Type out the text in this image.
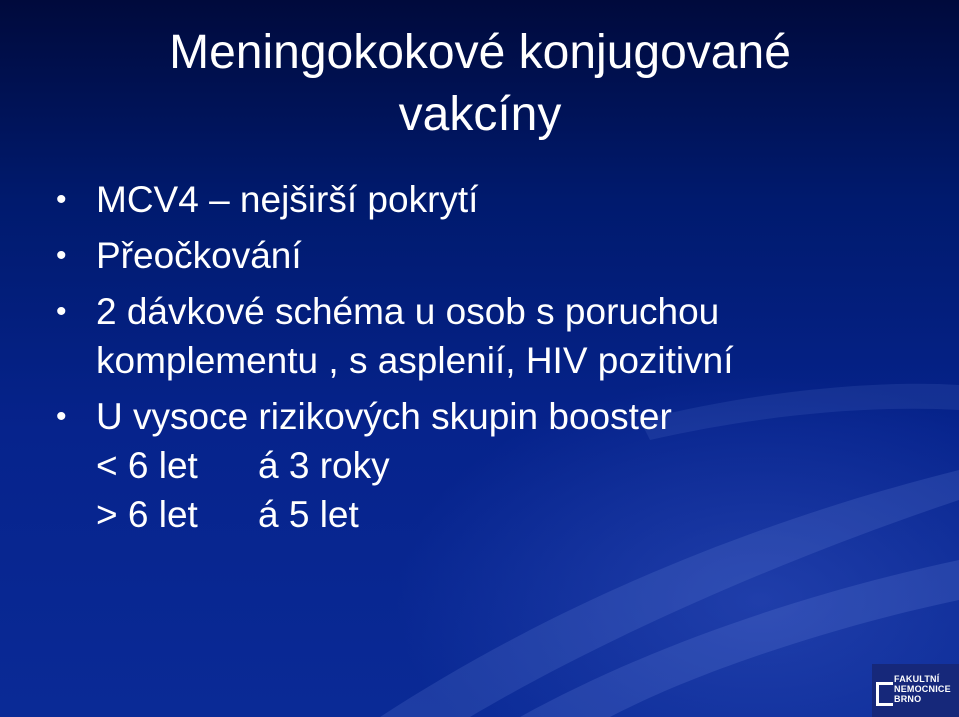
Meningokokové konjugované
vakcíny
• MCV4 – nejširší pokrytí
• Přeočkování
• 2 dávkové schéma u osob s poruchou
komplementu , s asplenií, HIV pozitivní
• U vysoce rizikových skupin booster
< 6 let á 3 roky
> 6 let á 5 let
FAKULTNÍ
NEMOCNICE
BRNO
